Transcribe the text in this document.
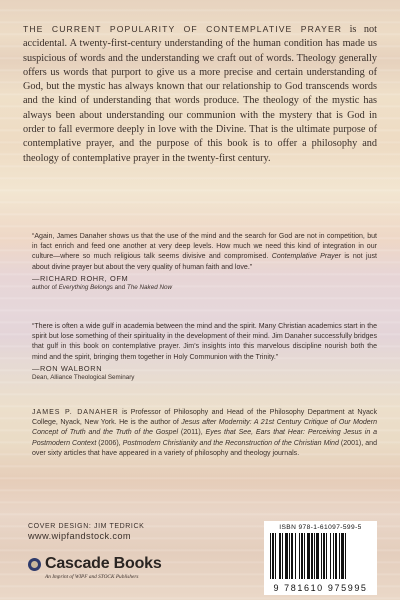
THE CURRENT POPULARITY OF CONTEMPLATIVE PRAYER is not accidental. A twenty-first-century understanding of the human condition has made us suspicious of words and the understanding we craft out of words. Theology generally offers us words that purport to give us a more precise and certain understanding of God, but the mystic has always known that our relationship to God transcends words and the kind of understanding that words produce. The theology of the mystic has always been about understanding our communion with the mystery that is God in order to fall evermore deeply in love with the Divine. That is the ultimate purpose of contemplative prayer, and the purpose of this book is to offer a philosophy and theology of contemplative prayer in the twenty-first century.

“Again, James Danaher shows us that the use of the mind and the search for God are not in competition, but in fact enrich and feed one another at very deep levels. How much we need this kind of integration in our culture—where so much religious talk seems divisive and compromised. Contemplative Prayer is not just about divine prayer but about the very quality of human faith and love.”

—RICHARD ROHR, OFM
author of Everything Belongs and The Naked Now

“There is often a wide gulf in academia between the mind and the spirit. Many Christian academics start in the spirit but lose something of their spirituality in the development of their mind. Jim Danaher successfully bridges that gulf in this book on contemplative prayer. Jim’s insights into this marvelous discipline nourish both the mind and the spirit, bringing them together in Holy Communion with the Trinity.”

—RON WALBORN
Dean, Alliance Theological Seminary
JAMES P. DANAHER is Professor of Philosophy and Head of the Philosophy Department at Nyack College, Nyack, New York. He is the author of Jesus after Modernity: A 21st Century Critique of Our Modern Concept of Truth and the Truth of the Gospel (2011), Eyes that See, Ears that Hear: Perceiving Jesus in a Postmodern Context (2006), Postmodern Christianity and the Reconstruction of the Christian Mind (2001), and over sixty articles that have appeared in a variety of philosophy and theology journals.
COVER DESIGN: JIM TEDRICK
www.wipfandstock.com
Cascade Books
An Imprint of WIPF and STOCK Publishers
ISBN 978-1-61097-599-5
9 781610 975995
